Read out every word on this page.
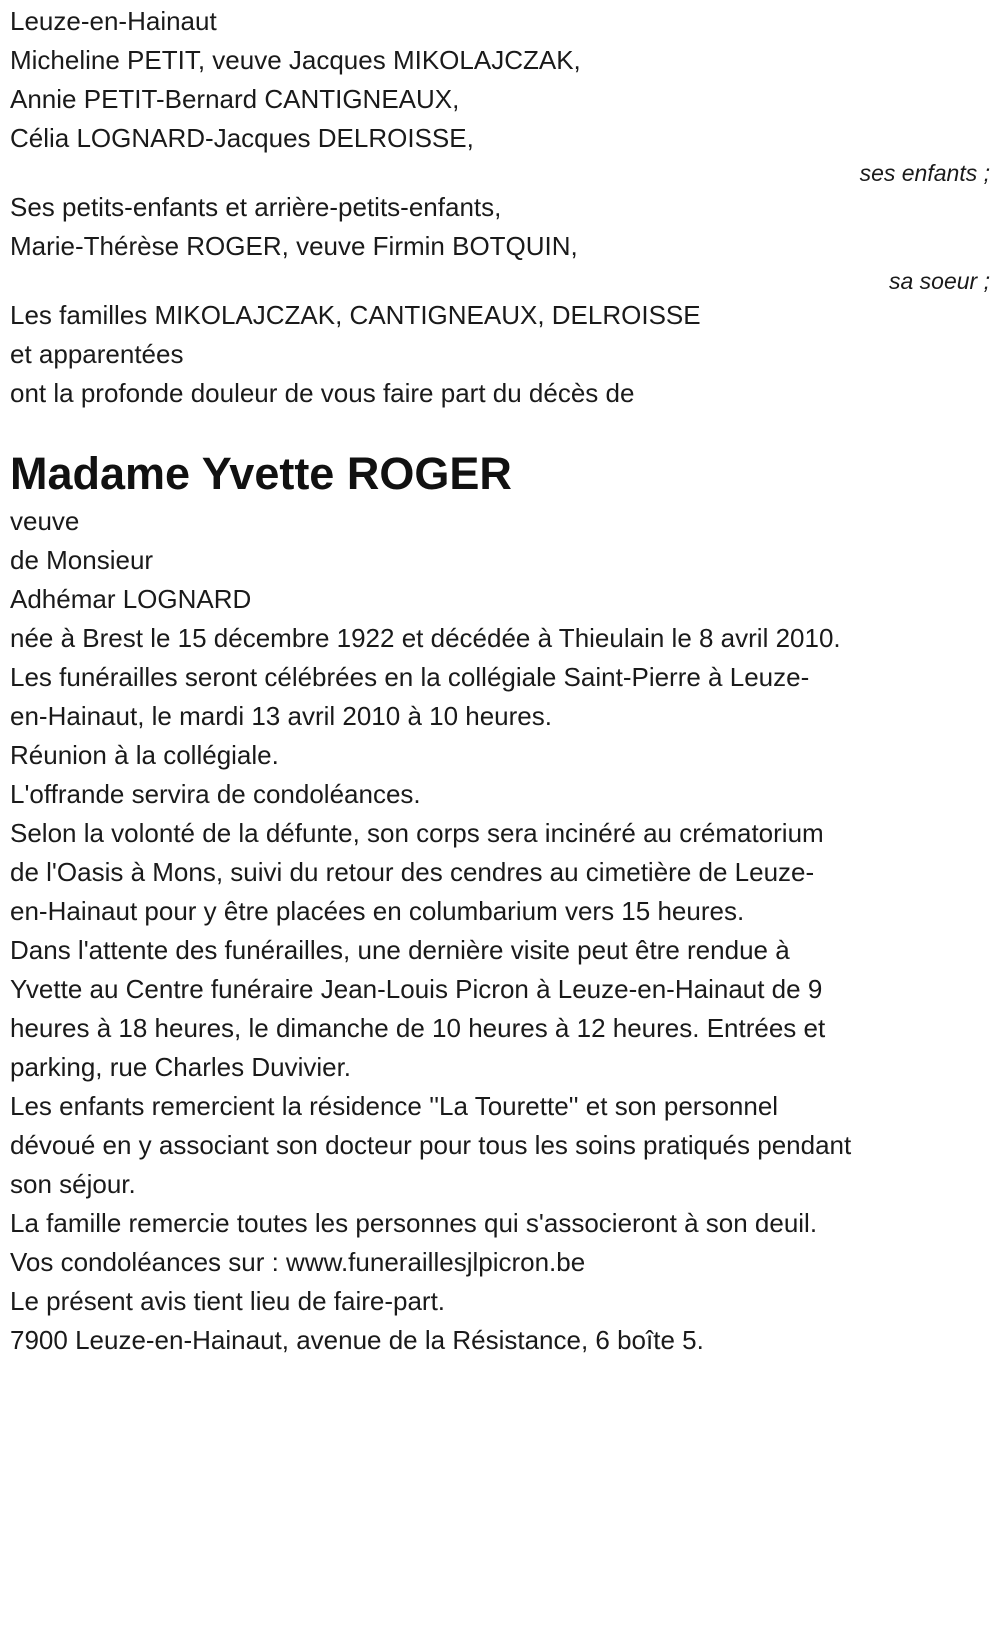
Leuze-en-Hainaut

Micheline PETIT, veuve Jacques MIKOLAJCZAK,
Annie PETIT-Bernard CANTIGNEAUX,
Célia LOGNARD-Jacques DELROISSE,

ses enfants ;

Ses petits-enfants et arrière-petits-enfants,
Marie-Thérèse ROGER, veuve Firmin BOTQUIN,

sa soeur ;

Les familles MIKOLAJCZAK, CANTIGNEAUX, DELROISSE
et apparentées

ont la profonde douleur de vous faire part du décès de

Madame Yvette ROGER

veuve
de Monsieur
Adhémar LOGNARD

née à Brest le 15 décembre 1922 et décédée à Thieulain le 8 avril 2010.

Les funérailles seront célébrées en la collégiale Saint-Pierre à Leuze-
en-Hainaut, le mardi 13 avril 2010 à 10 heures.

Réunion à la collégiale.

L'offrande servira de condoléances.

Selon la volonté de la défunte, son corps sera incinéré au crématorium
de l'Oasis à Mons, suivi du retour des cendres au cimetière de Leuze-
en-Hainaut pour y être placées en columbarium vers 15 heures.

Dans l'attente des funérailles, une dernière visite peut être rendue à
Yvette au Centre funéraire Jean-Louis Picron à Leuze-en-Hainaut de 9
heures à 18 heures, le dimanche de 10 heures à 12 heures. Entrées et
parking, rue Charles Duvivier.

Les enfants remercient la résidence ''La Tourette'' et son personnel
dévoué en y associant son docteur pour tous les soins pratiqués pendant
son séjour.

La famille remercie toutes les personnes qui s'associeront à son deuil.

Vos condoléances sur : www.funeraillesjlpicron.be

Le présent avis tient lieu de faire-part.

7900 Leuze-en-Hainaut, avenue de la Résistance, 6 boîte 5.
